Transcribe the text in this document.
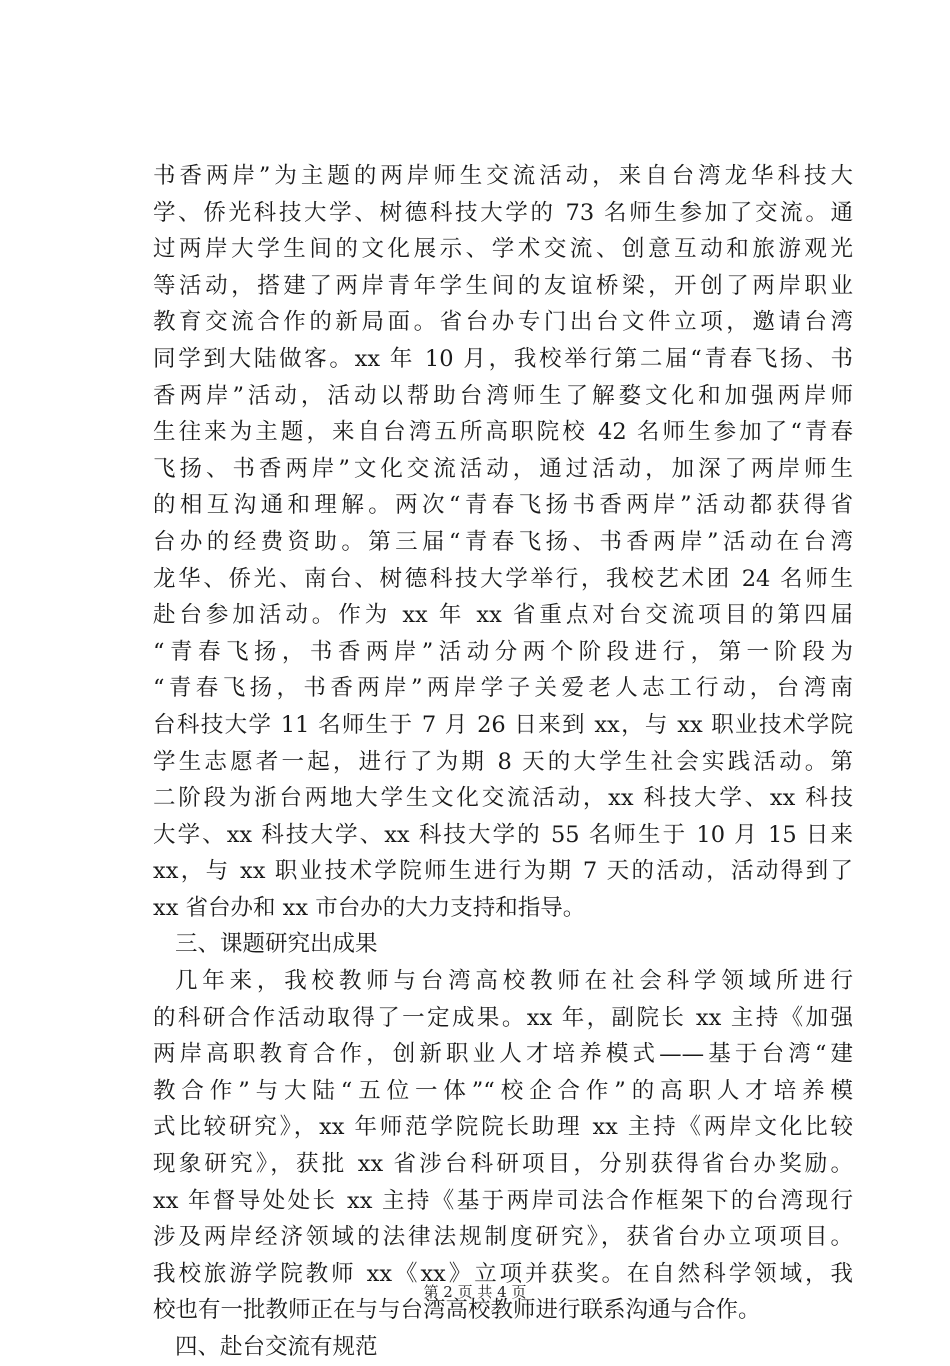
书香两岸”为主题的两岸师生交流活动，来自台湾龙华科技大
学、侨光科技大学、树德科技大学的 73 名师生参加了交流。通
过两岸大学生间的文化展示、学术交流、创意互动和旅游观光
等活动，搭建了两岸青年学生间的友谊桥梁，开创了两岸职业
教育交流合作的新局面。省台办专门出台文件立项，邀请台湾
同学到大陆做客。xx 年 10 月，我校举行第二届“青春飞扬、书
香两岸”活动，活动以帮助台湾师生了解婺文化和加强两岸师
生往来为主题，来自台湾五所高职院校 42 名师生参加了“青春
飞扬、书香两岸”文化交流活动，通过活动，加深了两岸师生
的相互沟通和理解。两次“青春飞扬书香两岸”活动都获得省
台办的经费资助。第三届“青春飞扬、书香两岸”活动在台湾
龙华、侨光、南台、树德科技大学举行，我校艺术团 24 名师生
赴台参加活动。作为 xx 年 xx 省重点对台交流项目的第四届
“青春飞扬，书香两岸”活动分两个阶段进行，第一阶段为
“青春飞扬，书香两岸”两岸学子关爱老人志工行动，台湾南
台科技大学 11 名师生于 7 月 26 日来到 xx，与 xx 职业技术学院
学生志愿者一起，进行了为期 8 天的大学生社会实践活动。第
二阶段为浙台两地大学生文化交流活动，xx 科技大学、xx 科技
大学、xx 科技大学、xx 科技大学的 55 名师生于 10 月 15 日来
xx，与 xx 职业技术学院师生进行为期 7 天的活动，活动得到了
xx 省台办和 xx 市台办的大力支持和指导。
三、课题研究出成果
几年来，我校教师与台湾高校教师在社会科学领域所进行
的科研合作活动取得了一定成果。xx 年，副院长 xx 主持《加强
两岸高职教育合作，创新职业人才培养模式——基于台湾“建
教合作”与大陆“五位一体”“校企合作”的高职人才培养模
式比较研究》，xx 年师范学院院长助理 xx 主持《两岸文化比较
现象研究》，获批 xx 省涉台科研项目，分别获得省台办奖励。
xx 年督导处处长 xx 主持《基于两岸司法合作框架下的台湾现行
涉及两岸经济领域的法律法规制度研究》，获省台办立项项目。
我校旅游学院教师 xx《xx》立项并获奖。在自然科学领域，我
校也有一批教师正在与与台湾高校教师进行联系沟通与合作。
四、赴台交流有规范
第 2 页 共 4 页
